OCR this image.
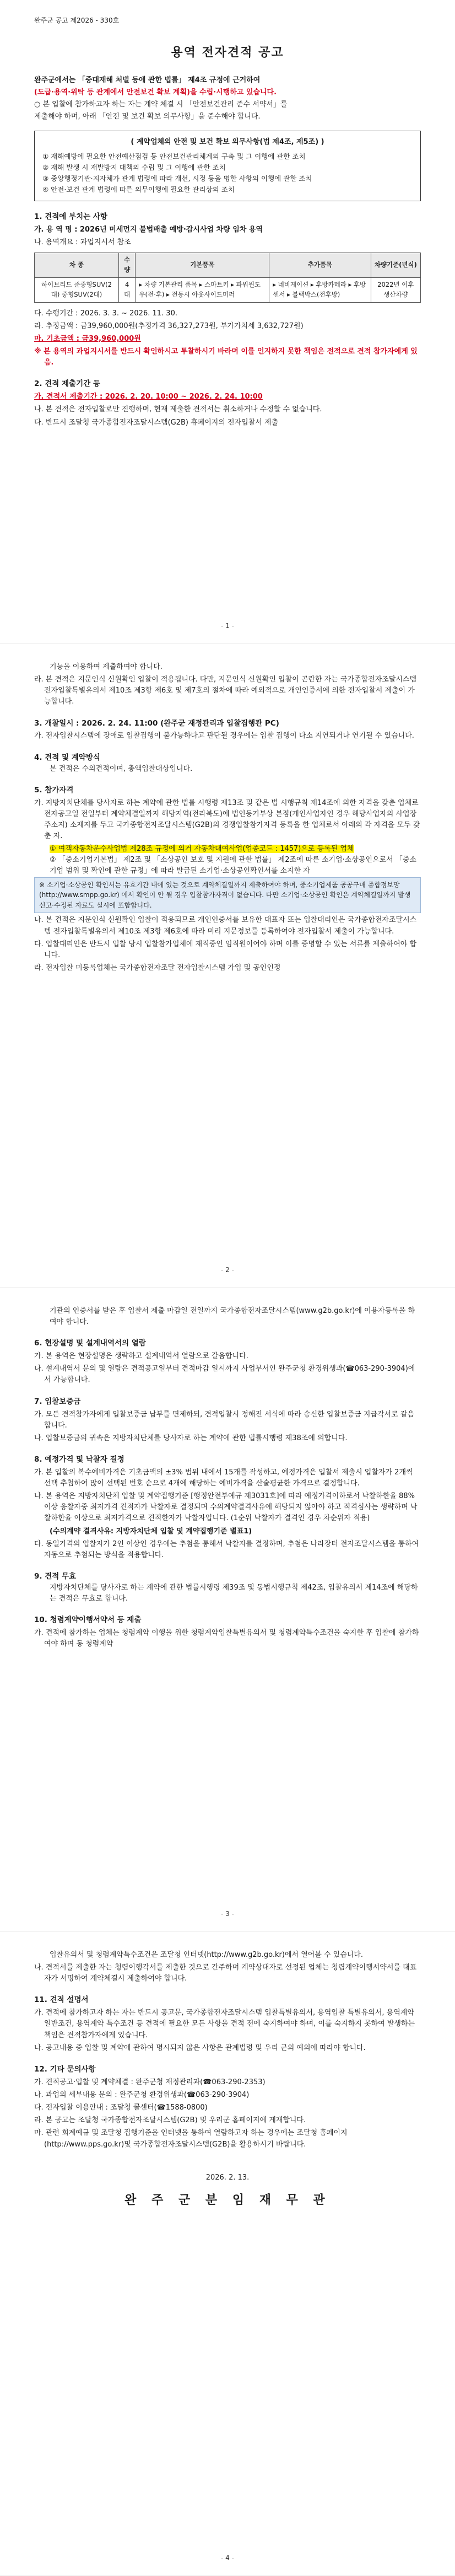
완주군 공고 제2026 - 330호
용역 전자견적 공고
완주군에서는 「중대재해 처벌 등에 관한 법률」 제4조 규정에 근거하여
(도급·용역·위탁 등 관계에서 안전보건 확보 계획)을 수립·시행하고 있습니다.
○ 본 입찰에 참가하고자 하는 자는 계약 체결 시 「안전보건관리 준수 서약서」를
제출해야 하며, 아래 「안전 및 보건 확보 의무사항」을 준수해야 합니다.
( 계약업체의 안전 및 보건 확보 의무사항(법 제4조, 제5조) )
① 재해예방에 필요한 안전예산점검 등 안전보건관리체계의 구축 및 그 이행에 관한 조치
② 재해 발생 시 재발방지 대책의 수립 및 그 이행에 관한 조치
③ 중앙행정기관·지자체가 관계 법령에 따라 개선, 시정 등을 명한 사항의 이행에 관한 조치
④ 안전·보건 관계 법령에 따른 의무이행에 필요한 관리상의 조치
1. 견적에 부치는 사항
가. 용 역 명 : 2026년 미세먼지 불법배출 예방·감시사업 차량 임차 용역
나. 용역개요 : 과업지시서 참조
차 종	수량	기본품목	추가품목	차량기준(년식)
하이브리드 준중형SUV(2대) 중형SUV(2대)	4대	▸ 차량 기본관리 품목 ▸ 스마트키 ▸ 파워윈도우(전·후) ▸ 전동시 아웃사이드미러	▸ 네비게이션 ▸ 후방카메라 ▸ 후방센서 ▸ 블랙박스(전후방)	2022년 이후 생산차량
다. 수행기간 : 2026. 3. 3. ~ 2026. 11. 30.
라. 추정금액 : 금39,960,000원(추정가격 36,327,273원, 부가가치세 3,632,727원)
마. 기초금액 : 금39,960,000원
※ 본 용역의 과업지시서를 반드시 확인하시고 투찰하시기 바라며 이를 인지하지 못한 책임은 전적으로 견적 참가자에게 있음.
2. 견적 제출기간 등
가. 견적서 제출기간 : 2026. 2. 20. 10:00 ~ 2026. 2. 24. 10:00
나. 본 견적은 전자입찰로만 진행하며, 현재 제출한 견적서는 취소하거나 수정할 수 없습니다.
다. 반드시 조달청 국가종합전자조달시스템(G2B) 휴페이지의 전자입찰서 제출
- 1 -
기능을 이용하여 제출하여야 합니다.
라. 본 견적은 지문인식 신원확인 입찰이 적용됩니다. 다만, 지문인식 신원확인 입찰이 곤란한 자는 국가종합전자조달시스템 전자입찰특별유의서 제10조 제3항 제6호 및 제7호의 절차에 따라 예외적으로 개인인증서에 의한 전자입찰서 제출이 가능합니다.
3. 개찰일시 : 2026. 2. 24. 11:00 (완주군 재정관리과 입찰집행관 PC)
가. 전자입찰시스템에 장애로 입찰집행이 불가능하다고 판단될 경우에는 입찰 집행이 다소 지연되거나 연기될 수 있습니다.
4. 견적 및 계약방식
본 견적은 수의견적이며, 총액입찰대상입니다.
5. 참가자격
가. 지방자치단체를 당사자로 하는 계약에 관한 법률 시행령 제13조 및 같은 법 시행규칙 제14조에 의한 자격을 갖춘 업체로 전자공고일 전일부터 계약체결일까지 해당지역(전라북도)에 법인등기부상 본점(개인사업자인 경우 해당사업자의 사업장 주소지) 소재지를 두고 국가종합전자조달시스템(G2B)의 경쟁입찰참가자격 등록을 한 업체로서 아래의 각 자격을 모두 갖춘 자.
① 여객자동차운수사업법 제28조 규정에 의거 자동차대여사업(업종코드 : 1457)으로 등록된 업체
② 「중소기업기본법」 제2조 및 「소상공인 보호 및 지원에 관한 법률」 제2조에 따른 소기업·소상공인으로서 「중소기업 범위 및 확인에 관한 규정」에 따라 발급된 소기업·소상공인확인서를 소지한 자
※ 소기업·소상공인 확인서는 유효기간 내에 있는 것으로 계약체결일까지 제출하여야 하며, 중소기업제품 공공구매 종합정보망(http://www.smpp.go.kr) 에서 확인이 안 될 경우 입찰참가자격이 없습니다. 다만 소기업·소상공인 확인은 계약체결일까지 발생 신고·수정된 자료도 실시에 포함합니다.
나. 본 견적은 지문인식 신원확인 입찰이 적용되므로 개인인증서를 보유한 대표자 또는 입찰대리인은 국가종합전자조달시스템 전자입찰특별유의서 제10조 제3항 제6호에 따라 미리 지문정보를 등록하여야 전자입찰서 제출이 가능합니다.
다. 입찰대리인은 반드시 입찰 당시 입찰참가업체에 재직중인 임직원이어야 하며 이를 증명할 수 있는 서류를 제출하여야 합니다.
라. 전자입찰 미등록업체는 국가종합전자조달 전자입찰시스템 가입 및 공인인정
- 2 -
기관의 인증서를 받은 후 입찰서 제출 마감일 전일까지 국가종합전자조달시스템(www.g2b.go.kr)에 이용자등록을 하여야 합니다.
6. 현장설명 및 설계내역서의 열람
가. 본 용역은 현장설명은 생략하고 설계내역서 열람으로 갈음합니다.
나. 설계내역서 문의 및 열람은 견적공고일부터 견적마감 일시까지 사업부서인 완주군청 환경위생과(☎063-290-3904)에서 가능합니다.
7. 입찰보증금
가. 모든 견적참가자에게 입찰보증금 납부를 면제하되, 견적입찰시 정해진 서식에 따라 송신한 입찰보증금 지급각서로 갈음합니다.
나. 입찰보증금의 귀속은 지방자치단체를 당사자로 하는 계약에 관한 법률시행령 제38조에 의합니다.
8. 예정가격 및 낙찰자 결정
가. 본 입찰의 복수예비가격은 기초금액의 ±3% 범위 내에서 15개를 작성하고, 예정가격은 입찰서 제출시 입찰자가 2개씩 선택 추첨하여 많이 선택된 번호 순으로 4개에 해당하는 예비가격을 산술평균한 가격으로 결정합니다.
나. 본 용역은 지방자치단체 입찰 및 계약집행기준 [행정안전부예규 제3031호]에 따라 예정가격이하로서 낙찰하한율 88%이상 응찰자중 최저가격 견적자가 낙찰자로 결정되며 수의계약결격사유에 해당되지 않아야 하고 적격심사는 생략하며 낙찰하한율 이상으로 최저가격으로 견적한자가 낙찰자입니다. (1순위 낙찰자가 결격인 경우 차순위자 적용)
(수의계약 결격사유: 지방자치단체 입찰 및 계약집행기준 별표1)
다. 동일가격의 입찰자가 2인 이상인 경우에는 추첨을 통해서 낙찰자를 결정하며, 추첨은 나라장터 전자조달시스템을 통하여 자동으로 추첨되는 방식을 적용합니다.
9. 견적 무효
지방자치단체를 당사자로 하는 계약에 관한 법률시행령 제39조 및 동법시행규칙 제42조, 입찰유의서 제14조에 해당하는 견적은 무효로 합니다.
10. 청렴계약이행서약서 등 제출
가. 견적에 참가하는 업체는 청렴계약 이행을 위한 청렴계약입찰특별유의서 및 청렴계약특수조건을 숙지한 후 입찰에 참가하여야 하며 동 청렴계약
- 3 -
입찰유의서 및 청렴계약특수조건은 조달청 인터넷(http://www.g2b.go.kr)에서 열어볼 수 있습니다.
나. 견적서를 제출한 자는 청렴이행각서를 제출한 것으로 간주하며 계약상대자로 선정된 업체는 청렴계약이행서약서를 대표자가 서명하여 계약체결시 제출하여야 합니다.
11. 견적 설명서
가. 견적에 참가하고자 하는 자는 반드시 공고문, 국가종합전자조달시스템 입찰특별유의서, 용역입찰 특별유의서, 용역계약 일반조건, 용역계약 특수조건 등 견적에 필요한 모든 사항을 견적 전에 숙지하여야 하며, 이를 숙지하지 못하여 발생하는 책임은 견적참가자에게 있습니다.
나. 공고내용 중 입찰 및 계약에 관하여 명시되지 않은 사항은 관계법령 및 우리 군의 예의에 따라야 합니다.
12. 기타 문의사항
가. 견적공고·입찰 및 계약체결 : 완주군청 재정관리과(☎063-290-2353)
나. 과업의 세부내용 문의 : 완주군청 환경위생과(☎063-290-3904)
다. 전자입찰 이용안내 : 조달청 콜센터(☎1588-0800)
라. 본 공고는 조달청 국가종합전자조달시스템(G2B) 및 우리군 홈페이지에 게재합니다.
마. 관련 회계예규 및 조달청 집행기준을 인터넷을 통하여 열람하고자 하는 경우에는 조달청 홈페이지(http://www.pps.go.kr)및 국가종합전자조달시스템(G2B)을 활용하시기 바랍니다.
2026. 2. 13.
완 주 군 분 임 재 무 관
- 4 -
